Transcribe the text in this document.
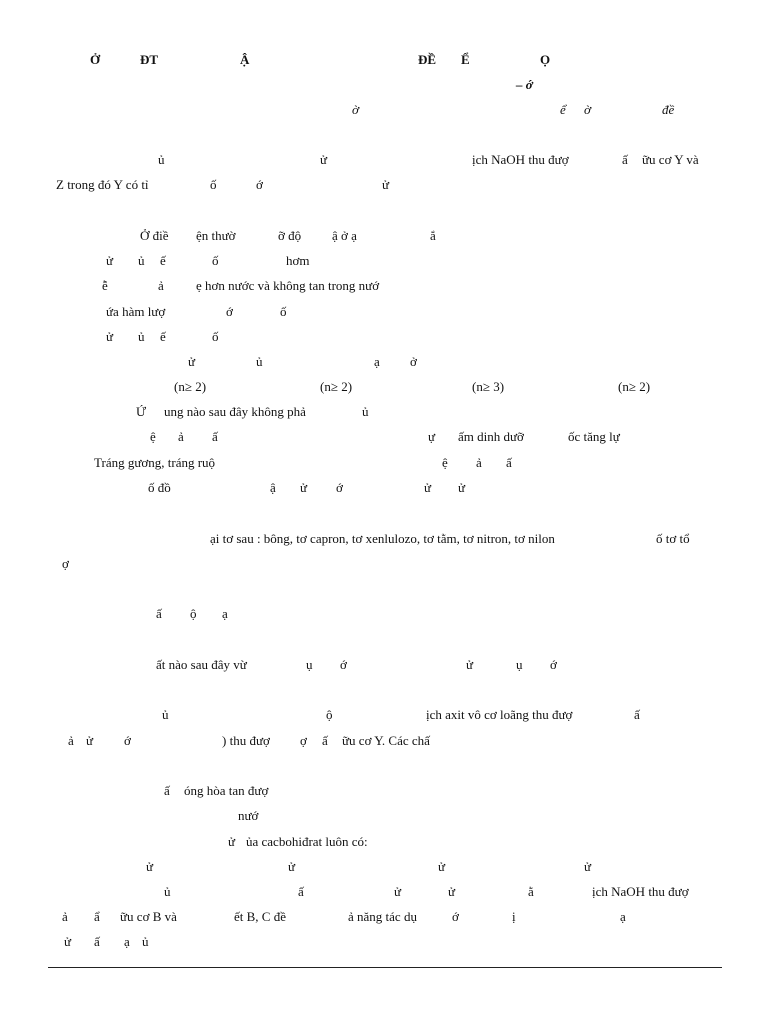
Ở	ĐT	Ậ	ĐỀ Ể	Ọ
– ớ
ờ	ể ờ	đề
ủ	ử	ịch NaOH thu đượ	ấ ữu cơ Y và
Z trong đó Y có tỉ	ố	ớ	ử
Ở điề ện thườ	ỡ độ ậ ở ạ	ắ
ử ủ ế	ố	hơm
ễ	ả ẹ hơn nước và không tan trong nướ
ứa hàm lượ	ớ	ố
ử ủ ế	ố
ử	ủ	ạ ở
(n≥ 2)	(n≥ 2)	(n≥ 3)	(n≥ 2)
Ứ ung nào sau đây không phả	ủ
ệ ả ấ	ự ấm dinh dưỡ	ốc tăng lự
Tráng gương, tráng ruộ	ệ ả ấ
ố đồ	ậ ử ớ	ử ử
ại tơ sau : bông, tơ capron, tơ xenlulozo, tơ tằm, tơ nitron, tơ nilon	ố tơ tổ
ợ
ấ ộ ạ
ất nào sau đây vừ	ụ ớ	ử	ụ ớ
ủ	ộ	ịch axit vô cơ loãng thu đượ	ấ
ả ử ớ	) thu đượ ợ ấ ữu cơ Y. Các chấ
ấ óng hòa tan đượ
nướ
ử ủa cacbohiđrat luôn có:
ử	ử	ử	ử
ủ	ấ	ử	ử	ằ	ịch NaOH thu đượ
ả ẩ ữu cơ B và	ết B, C đề	ả năng tác dụ	ớ	ị	ạ
ử ấ ạ ủ
